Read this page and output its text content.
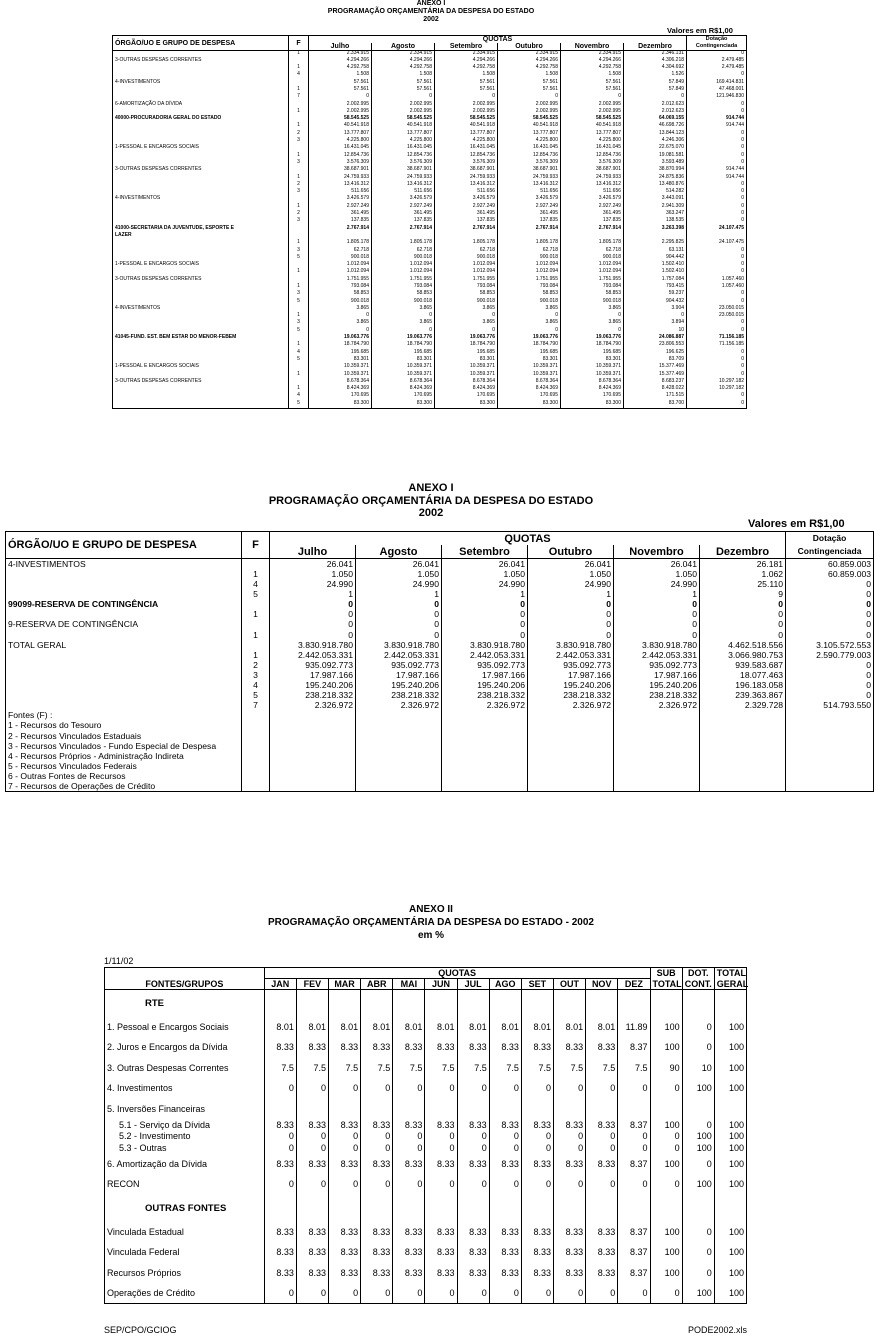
ANEXO I
PROGRAMAÇÃO ORÇAMENTÁRIA DA DESPESA DO ESTADO
2002
Valores em R$1,00
ÓRGÃO/UO E GRUPO DE DESPESA	F	QUOTAS						Dotação Contingenciada
		Julho	Agosto	Setembro	Outubro	Novembro	Dezembro	
	1	2.334.915	2.334.915	2.334.915	2.334.915	2.334.915	2.346.131	0
3-OUTRAS DESPESAS CORRENTES		4.294.266	4.294.266	4.294.266	4.294.266	4.294.266	4.306.218	2.479.485
	1	4.292.758	4.292.758	4.292.758	4.292.758	4.292.758	4.304.692	2.479.485
	4	1.508	1.508	1.508	1.508	1.508	1.526	0
4-INVESTIMENTOS		57.561	57.561	57.561	57.561	57.561	57.849	169.414.831
	1	57.561	57.561	57.561	57.561	57.561	57.849	47.468.001
	7	0	0	0	0	0	0	121.946.830
6-AMORTIZAÇÃO DA DÍVIDA		2.002.995	2.002.995	2.002.995	2.002.995	2.002.995	2.012.623	0
	1	2.002.995	2.002.995	2.002.995	2.002.995	2.002.995	2.012.623	0
40000-PROCURADORIA GERAL DO ESTADO		58.545.525	58.545.525	58.545.525	58.545.525	58.545.525	64.069.155	914.744
	1	40.541.918	40.541.918	40.541.918	40.541.918	40.541.918	46.698.726	914.744
	2	13.777.807	13.777.807	13.777.807	13.777.807	13.777.807	13.844.123	0
	3	4.225.800	4.225.800	4.225.800	4.225.800	4.225.800	4.246.306	0
1-PESSOAL E ENCARGOS SOCIAIS		16.431.045	16.431.045	16.431.045	16.431.045	16.431.045	22.675.070	0
	1	12.854.736	12.854.736	12.854.736	12.854.736	12.854.736	19.081.581	0
	3	3.576.309	3.576.309	3.576.309	3.576.309	3.576.309	3.593.489	0
3-OUTRAS DESPESAS CORRENTES		38.687.901	38.687.901	38.687.901	38.687.901	38.687.901	38.870.994	914.744
	1	24.759.933	24.759.933	24.759.933	24.759.933	24.759.933	24.875.836	914.744
	2	13.416.312	13.416.312	13.416.312	13.416.312	13.416.312	13.480.876	0
	3	511.656	511.656	511.656	511.656	511.656	514.282	0
4-INVESTIMENTOS		3.426.579	3.426.579	3.426.579	3.426.579	3.426.579	3.443.091	0
	1	2.927.249	2.927.249	2.927.249	2.927.249	2.927.249	2.941.309	0
	2	361.495	361.495	361.495	361.495	361.495	363.247	0
	3	137.835	137.835	137.835	137.835	137.835	138.535	0
41000-SECRETARIA DA JUVENTUDE, ESPORTE E		2.767.914	2.767.914	2.767.914	2.767.914	2.767.914	3.263.398	24.107.475
LAZER								
	1	1.805.178	1.805.178	1.805.178	1.805.178	1.805.178	2.295.825	24.107.475
	3	62.718	62.718	62.718	62.718	62.718	63.131	0
	5	900.018	900.018	900.018	900.018	900.018	904.442	0
1-PESSOAL E ENCARGOS SOCIAIS		1.012.094	1.012.094	1.012.094	1.012.094	1.012.094	1.502.410	0
	1	1.012.094	1.012.094	1.012.094	1.012.094	1.012.094	1.502.410	0
3-OUTRAS DESPESAS CORRENTES		1.751.955	1.751.955	1.751.955	1.751.955	1.751.955	1.757.084	1.057.460
	1	793.084	793.084	793.084	793.084	793.084	793.415	1.057.460
	3	58.853	58.853	58.853	58.853	58.853	59.237	0
	5	900.018	900.018	900.018	900.018	900.018	904.432	0
4-INVESTIMENTOS		3.865	3.865	3.865	3.865	3.865	3.904	23.050.015
	1	0	0	0	0	0	0	23.050.015
	3	3.865	3.865	3.865	3.865	3.865	3.894	0
	5	0	0	0	0	0	10	0
41045-FUND. EST. BEM ESTAR DO MENOR-FEBEM		19.063.776	19.063.776	19.063.776	19.063.776	19.063.776	24.086.887	71.156.185
	1	18.784.790	18.784.790	18.784.790	18.784.790	18.784.790	23.806.553	71.156.185
	4	195.685	195.685	195.685	195.685	195.685	196.625	0
	5	83.301	83.301	83.301	83.301	83.301	83.709	0
1-PESSOAL E ENCARGOS SOCIAIS		10.359.371	10.359.371	10.359.371	10.359.371	10.359.371	15.377.469	0
	1	10.359.371	10.359.371	10.359.371	10.359.371	10.359.371	15.377.469	0
3-OUTRAS DESPESAS CORRENTES		8.678.364	8.678.364	8.678.364	8.678.364	8.678.364	8.683.237	10.297.182
	1	8.424.369	8.424.369	8.424.369	8.424.369	8.424.369	8.428.022	10.297.182
	4	170.695	170.695	170.695	170.695	170.695	171.515	0
	5	83.300	83.300	83.300	83.300	83.300	83.700	0
ANEXO I
PROGRAMAÇÃO ORÇAMENTÁRIA DA DESPESA DO ESTADO
2002
Valores em R$1,00
ÓRGÃO/UO E GRUPO DE DESPESA	F	QUOTAS						Dotação Contingenciada
		Julho	Agosto	Setembro	Outubro	Novembro	Dezembro	
4-INVESTIMENTOS		26.041	26.041	26.041	26.041	26.041	26.181	60.859.003
	1	1.050	1.050	1.050	1.050	1.050	1.062	60.859.003
	4	24.990	24.990	24.990	24.990	24.990	25.110	0
	5	1	1	1	1	1	9	0
99099-RESERVA DE CONTINGÊNCIA		0	0	0	0	0	0	0
	1	0	0	0	0	0	0	0
9-RESERVA DE CONTINGÊNCIA		0	0	0	0	0	0	0
	1	0	0	0	0	0	0	0
TOTAL GERAL		3.830.918.780	3.830.918.780	3.830.918.780	3.830.918.780	3.830.918.780	4.462.518.556	3.105.572.553
	1	2.442.053.331	2.442.053.331	2.442.053.331	2.442.053.331	2.442.053.331	3.066.980.753	2.590.779.003
	2	935.092.773	935.092.773	935.092.773	935.092.773	935.092.773	939.583.687	0
	3	17.987.166	17.987.166	17.987.166	17.987.166	17.987.166	18.077.463	0
	4	195.240.206	195.240.206	195.240.206	195.240.206	195.240.206	196.183.058	0
	5	238.218.332	238.218.332	238.218.332	238.218.332	238.218.332	239.363.867	0
	7	2.326.972	2.326.972	2.326.972	2.326.972	2.326.972	2.329.728	514.793.550
Fontes (F) :								
1 - Recursos do Tesouro								
2 - Recursos Vinculados Estaduais								
3 - Recursos Vinculados - Fundo Especial de Despesa								
4 - Recursos Próprios - Administração Indireta								
5 - Recursos Vinculados Federais								
6 - Outras Fontes de Recursos								
7 - Recursos de Operações de Crédito								
ANEXO II
PROGRAMAÇÃO ORÇAMENTÁRIA DA DESPESA DO ESTADO - 2002
em %
1/11/02
FONTES/GRUPOS	QUOTAS												SUB	DOT.	TOTAL
	JAN	FEV	MAR	ABR	MAI	JUN	JUL	AGO	SET	OUT	NOV	DEZ	TOTAL	CONT.	GERAL
RTE															
1. Pessoal e Encargos Sociais	8.01	8.01	8.01	8.01	8.01	8.01	8.01	8.01	8.01	8.01	8.01	11.89	100	0	100
2. Juros e Encargos da Dívida	8.33	8.33	8.33	8.33	8.33	8.33	8.33	8.33	8.33	8.33	8.33	8.37	100	0	100
3. Outras Despesas Correntes	7.5	7.5	7.5	7.5	7.5	7.5	7.5	7.5	7.5	7.5	7.5	7.5	90	10	100
4. Investimentos	0	0	0	0	0	0	0	0	0	0	0	0	0	100	100
5. Inversões Financeiras															
5.1 - Serviço da Dívida	8.33	8.33	8.33	8.33	8.33	8.33	8.33	8.33	8.33	8.33	8.33	8.37	100	0	100
5.2 - Investimento	0	0	0	0	0	0	0	0	0	0	0	0	0	100	100
5.3 - Outras	0	0	0	0	0	0	0	0	0	0	0	0	0	100	100
6. Amortização da Dívida	8.33	8.33	8.33	8.33	8.33	8.33	8.33	8.33	8.33	8.33	8.33	8.37	100	0	100
RECON	0	0	0	0	0	0	0	0	0	0	0	0	0	100	100
OUTRAS FONTES															
Vinculada Estadual	8.33	8.33	8.33	8.33	8.33	8.33	8.33	8.33	8.33	8.33	8.33	8.37	100	0	100
Vinculada Federal	8.33	8.33	8.33	8.33	8.33	8.33	8.33	8.33	8.33	8.33	8.33	8.37	100	0	100
Recursos Próprios	8.33	8.33	8.33	8.33	8.33	8.33	8.33	8.33	8.33	8.33	8.33	8.37	100	0	100
Operações de Crédito	0	0	0	0	0	0	0	0	0	0	0	0	0	100	100
SEP/CPO/GCIOG	PODE2002.xls
